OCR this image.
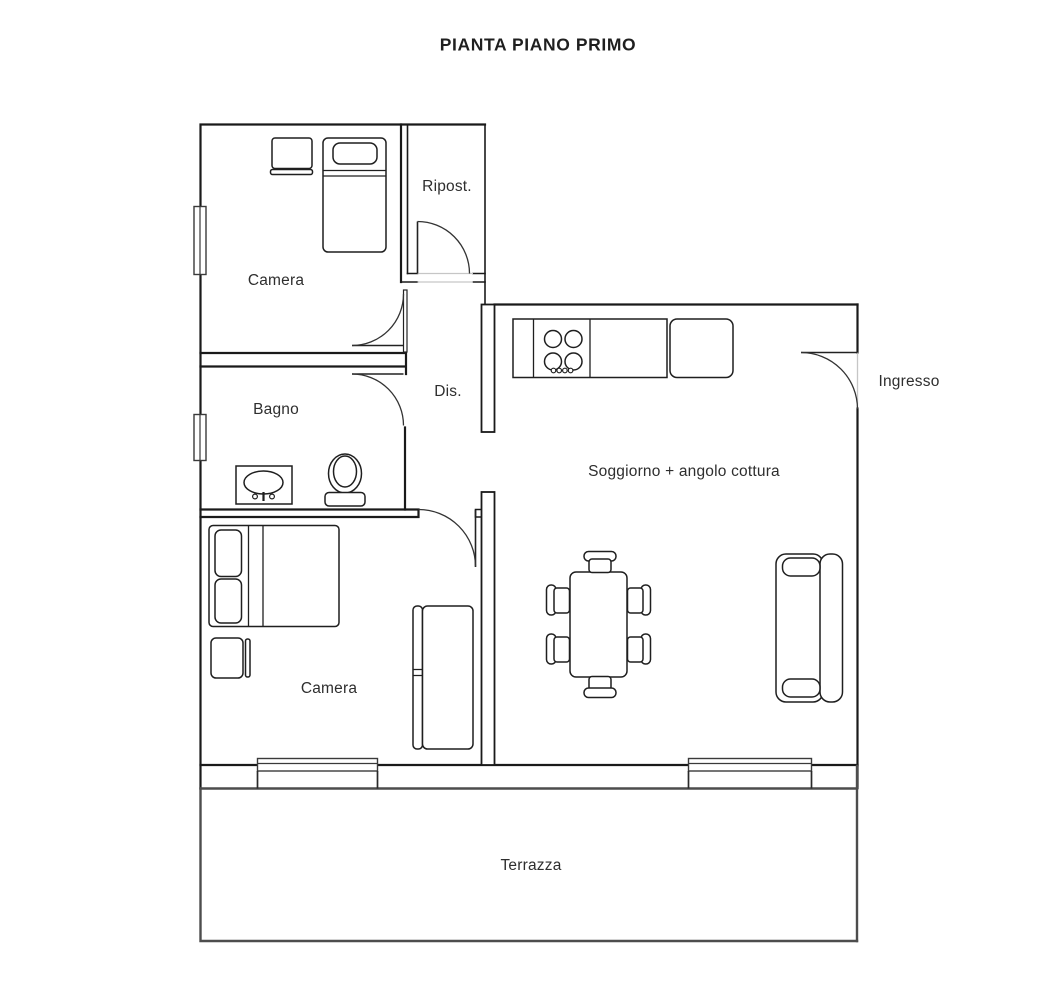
PIANTA PIANO PRIMO
Camera
Ripost.
Dis.
Bagno
Camera
Soggiorno + angolo cottura
Ingresso
Terrazza
